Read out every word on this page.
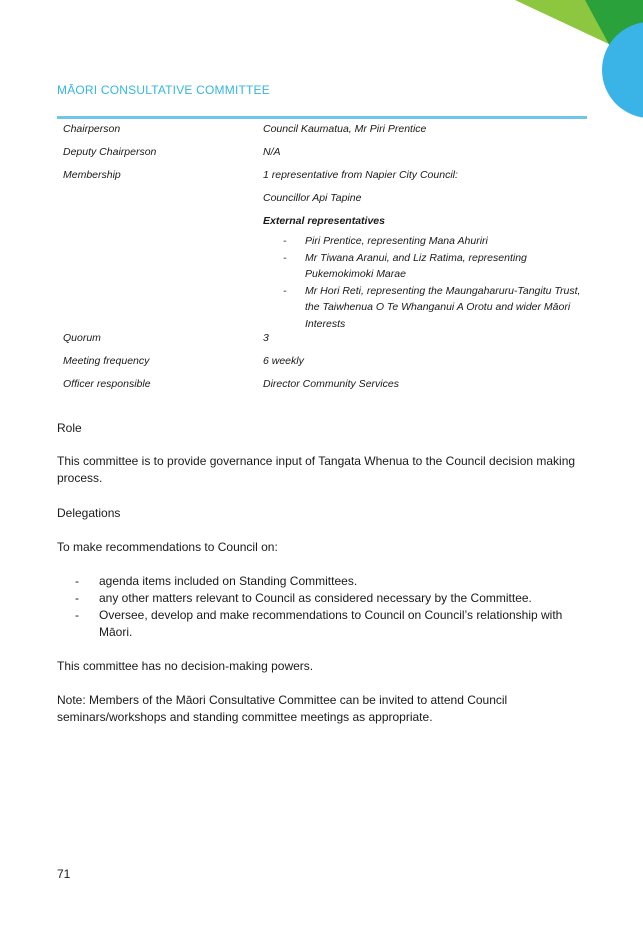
MĀORI CONSULTATIVE COMMITTEE
Chairperson	Council Kaumatua, Mr Piri Prentice
Deputy Chairperson	N/A
Membership	1 representative from Napier City Council:
Councillor Api Tapine
External representatives
- Piri Prentice, representing Mana Ahuriri
- Mr Tiwana Aranui, and Liz Ratima, representing Pukemokimoki Marae
- Mr Hori Reti, representing the Maungaharuru-Tangitu Trust, the Taiwhenua O Te Whanganui A Orotu and wider Māori Interests
Quorum	3
Meeting frequency	6 weekly
Officer responsible	Director Community Services
Role

This committee is to provide governance input of Tangata Whenua to the Council decision making process.

Delegations

To make recommendations to Council on:

- agenda items included on Standing Committees.
- any other matters relevant to Council as considered necessary by the Committee.
- Oversee, develop and make recommendations to Council on Council’s relationship with Māori.

This committee has no decision-making powers.

Note: Members of the Māori Consultative Committee can be invited to attend Council seminars/workshops and standing committee meetings as appropriate.

71
